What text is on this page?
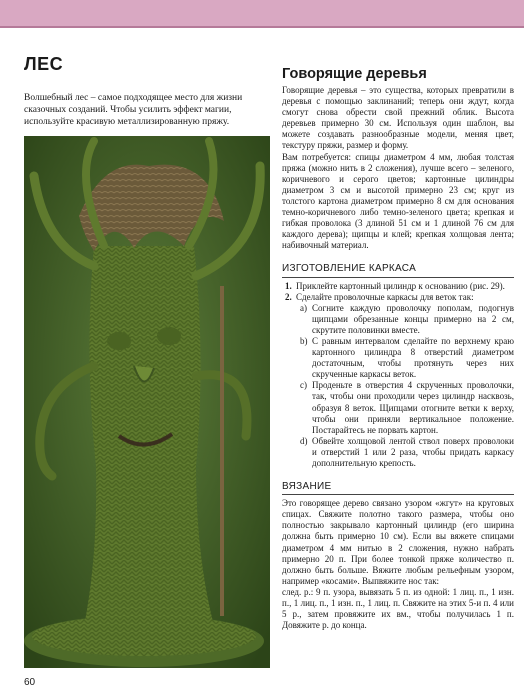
ЛЕС

Волшебный лес – самое подходящее место для жизни сказочных созданий. Чтобы усилить эффект магии, используйте красивую металлизированную пряжу.

60
Говорящие деревья

Говорящие деревья – это существа, которых превратили в деревья с помощью заклинаний; теперь они ждут, когда смогут снова обрести свой прежний облик. Высота деревьев примерно 30 см. Используя один шаблон, вы можете создавать разнообразные модели, меняя цвет, текстуру пряжи, размер и форму.

Вам потребуется: спицы диаметром 4 мм, любая толстая пряжа (можно нить в 2 сложения), лучше всего – зеленого, коричневого и серого цветов; картонные цилиндры диаметром 3 см и высотой примерно 23 см; круг из толстого картона диаметром примерно 8 см для основания темно-коричневого либо темно-зеленого цвета; крепкая и гибкая проволока (3 длиной 51 см и 1 длиной 76 см для каждого дерева); щипцы и клей; крепкая холщовая лента; набивочный материал.

ИЗГОТОВЛЕНИЕ КАРКАСА
1. Приклейте картонный цилиндр к основанию (рис. 29).
2. Сделайте проволочные каркасы для веток так:
a) Согните каждую проволочку пополам, подогнув щипцами обрезанные концы примерно на 2 см, скрутите половинки вместе.
b) С равным интервалом сделайте по верхнему краю картонного цилиндра 8 отверстий диаметром достаточным, чтобы протянуть через них скрученные каркасы веток.
c) Проденьте в отверстия 4 скрученных проволочки, так, чтобы они проходили через цилиндр насквозь, образуя 8 веток. Щипцами отогните ветки к верху, чтобы они приняли вертикальное положение. Постарайтесь не порвать картон.
d) Обвейте холщовой лентой ствол поверх проволоки и отверстий 1 или 2 раза, чтобы придать каркасу дополнительную крепость.
ВЯЗАНИЕ

Это говорящее дерево связано узором «жгут» на круговых спицах. Свяжите полотно такого размера, чтобы оно полностью закрывало картонный цилиндр (его ширина должна быть примерно 10 см). Если вы вяжете спицами диаметром 4 мм нитью в 2 сложения, нужно набрать примерно 20 п. При более тонкой пряже количество п. должно быть больше. Вяжите любым рельефным узором, например «косами». Выпвяжите нос так:

след. р.: 9 п. узора, вывязать 5 п. из одной: 1 лиц. п., 1 изн. п., 1 лиц. п., 1 изн. п., 1 лиц. п. Свяжите на этих 5-и п. 4 или 5 р., затем провяжите их вм., чтобы получилась 1 п. Довяжите р. до конца.
